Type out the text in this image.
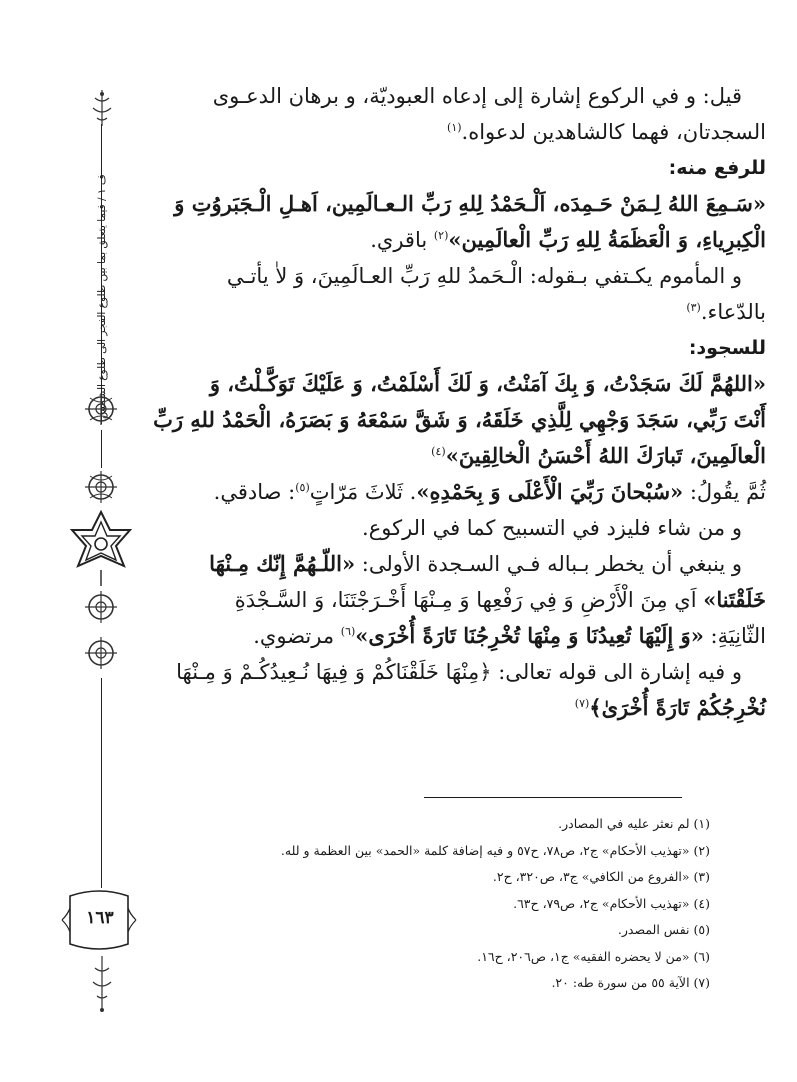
ف ١ / فيما يتعلق بما بين طلوع الفجر الى طلوع الشمس
١٦٣

قيل: و في الركوع إشارة إلى إدعاه العبوديّة، و برهان الدعـوى

السجدتان، فهما كالشاهدين لدعواه.$^{(١)}$

للرفع منه:

«سَـمِعَ اللهُ لِـمَنْ حَـمِدَه، اَلْـحَمْدُ لِلهِ رَبِّ الـعـالَمِين، اَهـلِ الْـجَبَروُتِ وَ

الْكِبرِياءِ، وَ الْعَظَمَةُ لِلهِ رَبِّ الْعالَمِين»$^{(٢)}$ باقري.

و المأموم يكـتفي بـقوله: الْـحَمدُ للهِ رَبِّ العـالَمِينَ، وَ لاٰ يأتـي

بالدّعاء.$^{(٣)}$

للسجود:

«اللهُمَّ لَكَ سَجَدْتُ، وَ بِكَ آمَنْتُ، وَ لَكَ أَسْلَمْتُ، وَ عَلَيْكَ تَوَكَّـلْتُ، وَ

أَنْتَ رَبِّي، سَجَدَ وَجْهِي لِلَّذِي خَلَقَهُ، وَ شَقَّ سَمْعَهُ وَ بَصَرَهُ، الْحَمْدُ للهِ رَبِّ

الْعالَمِينَ، تَبارَكَ اللهُ أَحْسَنُ الْخالِقِينَ»$^{(٤)}$

ثُمَّ يقُولُ: «سُبْحانَ رَبِّيَ الْأَعْلَى وَ بِحَمْدِهِ». ثَلاثَ مَرّاتٍ$^{(٥)}$: صادقي.

و من شاء فليزد في التسبيح كما في الركوع.

و ينبغي أن يخطر بـباله فـي السـجدة الأولى: «اللّـهُمَّ إِنّك مِـنْهَا

خَلَقْتَنا» اَي مِنَ الْأَرْضِ وَ فِي رَفْعِها وَ مِـنْهَا أَخْـرَجْتَنَا، وَ السَّـجْدَةِ

الثّانِيَةِ: «وَ إِلَيْهَا تُعِيدُنَا وَ مِنْهَا تُخْرِجُنَا تَارَةً أُخْرَى»$^{(٦)}$ مرتضوي.

و فيه إشارة الى قوله تعالى: ﴿مِنْهَا خَلَقْنَاكُمْ وَ فِيهَا نُـعِيدُكُـمْ وَ مِـنْهَا

نُخْرِجُكُمْ تَارَةً أُخْرَىٰ﴾$^{(٧)}$

(١) لم نعثر عليه في المصادر.

(٢) «تهذيب الأحكام» ج٢، ص٧٨، ح٥٧ و فيه إضافة كلمة «الحمد» بين العظمة و لله.

(٣) «الفروع من الكافي» ج٣، ص٣٢٠، ح٢.

(٤) «تهذيب الأحكام» ج٢، ص٧٩، ح٦٣.

(٥) نفس المصدر.

(٦) «من لا يحضره الفقيه» ج١، ص٢٠٦، ح١٦.

(٧) الآية ٥٥ من سورة طه: ٢٠.
